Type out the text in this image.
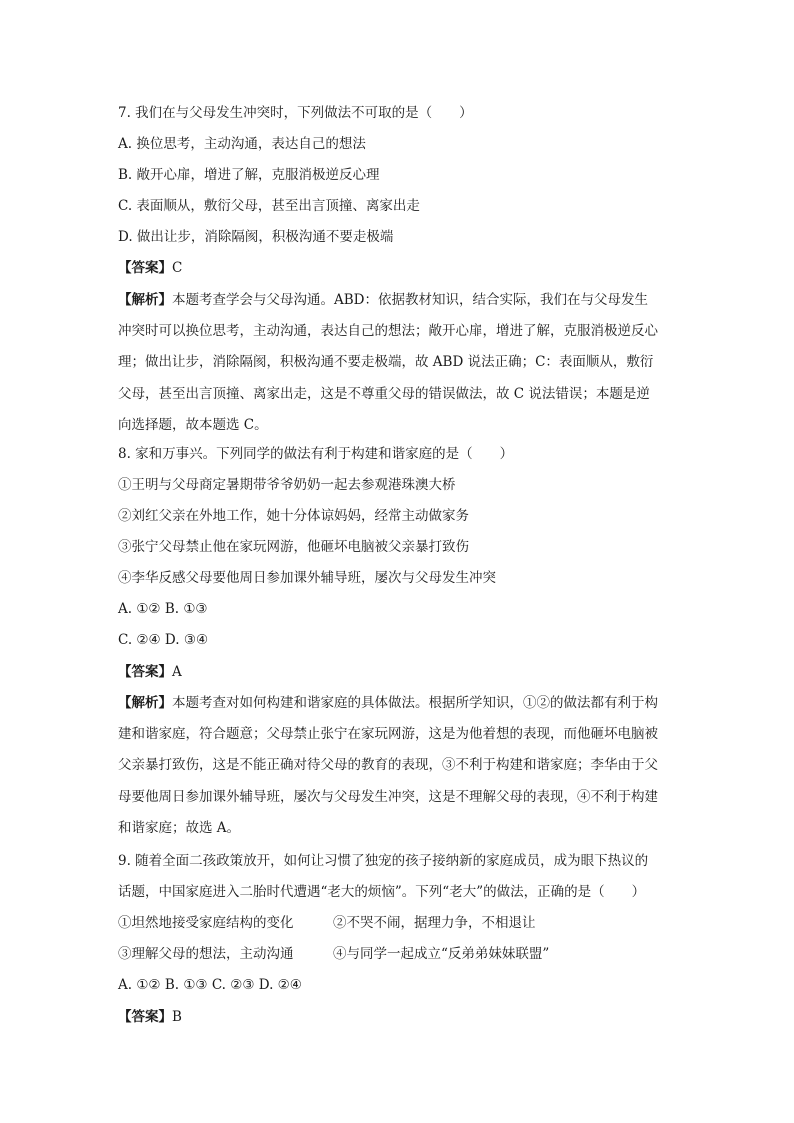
7. 我们在与父母发生冲突时，下列做法不可取的是（　　）
A. 换位思考，主动沟通，表达自己的想法
B. 敞开心扉，增进了解，克服消极逆反心理
C. 表面顺从，敷衍父母，甚至出言顶撞、离家出走
D. 做出让步，消除隔阂，积极沟通不要走极端
【答案】C
【解析】本题考查学会与父母沟通。ABD：依据教材知识，结合实际，我们在与父母发生
冲突时可以换位思考，主动沟通，表达自己的想法；敞开心扉，增进了解，克服消极逆反心
理；做出让步，消除隔阂，积极沟通不要走极端，故 ABD 说法正确；C：表面顺从，敷衍
父母，甚至出言顶撞、离家出走，这是不尊重父母的错误做法，故 C 说法错误；本题是逆
向选择题，故本题选 C。
8. 家和万事兴。下列同学的做法有利于构建和谐家庭的是（　　）
①王明与父母商定暑期带爷爷奶奶一起去参观港珠澳大桥
②刘红父亲在外地工作，她十分体谅妈妈，经常主动做家务
③张宁父母禁止他在家玩网游，他砸坏电脑被父亲暴打致伤
④李华反感父母要他周日参加课外辅导班，屡次与父母发生冲突
A. ①② B. ①③
C. ②④ D. ③④
【答案】A
【解析】本题考查对如何构建和谐家庭的具体做法。根据所学知识，①②的做法都有利于构
建和谐家庭，符合题意；父母禁止张宁在家玩网游，这是为他着想的表现，而他砸坏电脑被
父亲暴打致伤，这是不能正确对待父母的教育的表现，③不利于构建和谐家庭；李华由于父
母要他周日参加课外辅导班，屡次与父母发生冲突，这是不理解父母的表现，④不利于构建
和谐家庭；故选 A。
9. 随着全面二孩政策放开，如何让习惯了独宠的孩子接纳新的家庭成员，成为眼下热议的
话题，中国家庭进入二胎时代遭遇“老大的烦恼”。下列“老大”的做法，正确的是（　　）
①坦然地接受家庭结构的变化	②不哭不闹，据理力争，不相退让
③理解父母的想法，主动沟通	④与同学一起成立“反弟弟妹妹联盟”
A. ①② B. ①③ C. ②③ D. ②④
【答案】B
